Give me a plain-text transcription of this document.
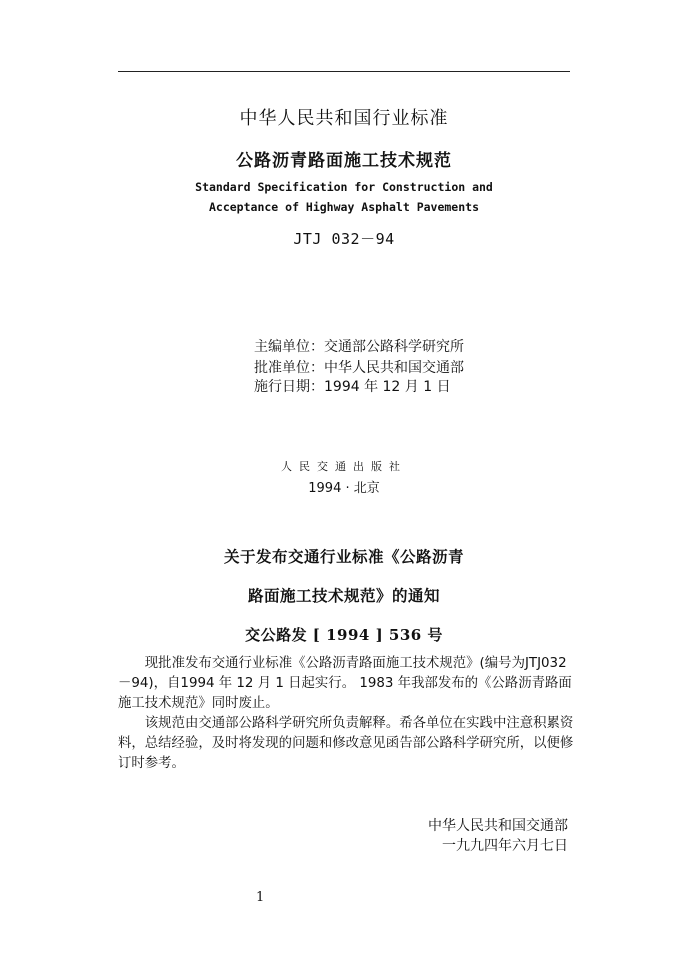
中华人民共和国行业标准
公路沥青路面施工技术规范
Standard Specification for Construction and
Acceptance of Highway Asphalt Pavements
JTJ 032－94
主编单位：交通部公路科学研究所
批准单位：中华人民共和国交通部
施行日期：1994 年 12 月 1 日
人民交通出版社
1994 · 北京
关于发布交通行业标准《公路沥青
路面施工技术规范》的通知
交公路发 [ 1994 ] 536 号

现批准发布交通行业标准《公路沥青路面施工技术规范》(编号为JTJ032－94)，自1994 年 12 月 1 日起实行。 1983 年我部发布的《公路沥青路面施工技术规范》同时废止。

该规范由交通部公路科学研究所负责解释。希各单位在实践中注意积累资料，总结经验，及时将发现的问题和修改意见函告部公路科学研究所，以便修订时参考。

中华人民共和国交通部
一九九四年六月七日
1
